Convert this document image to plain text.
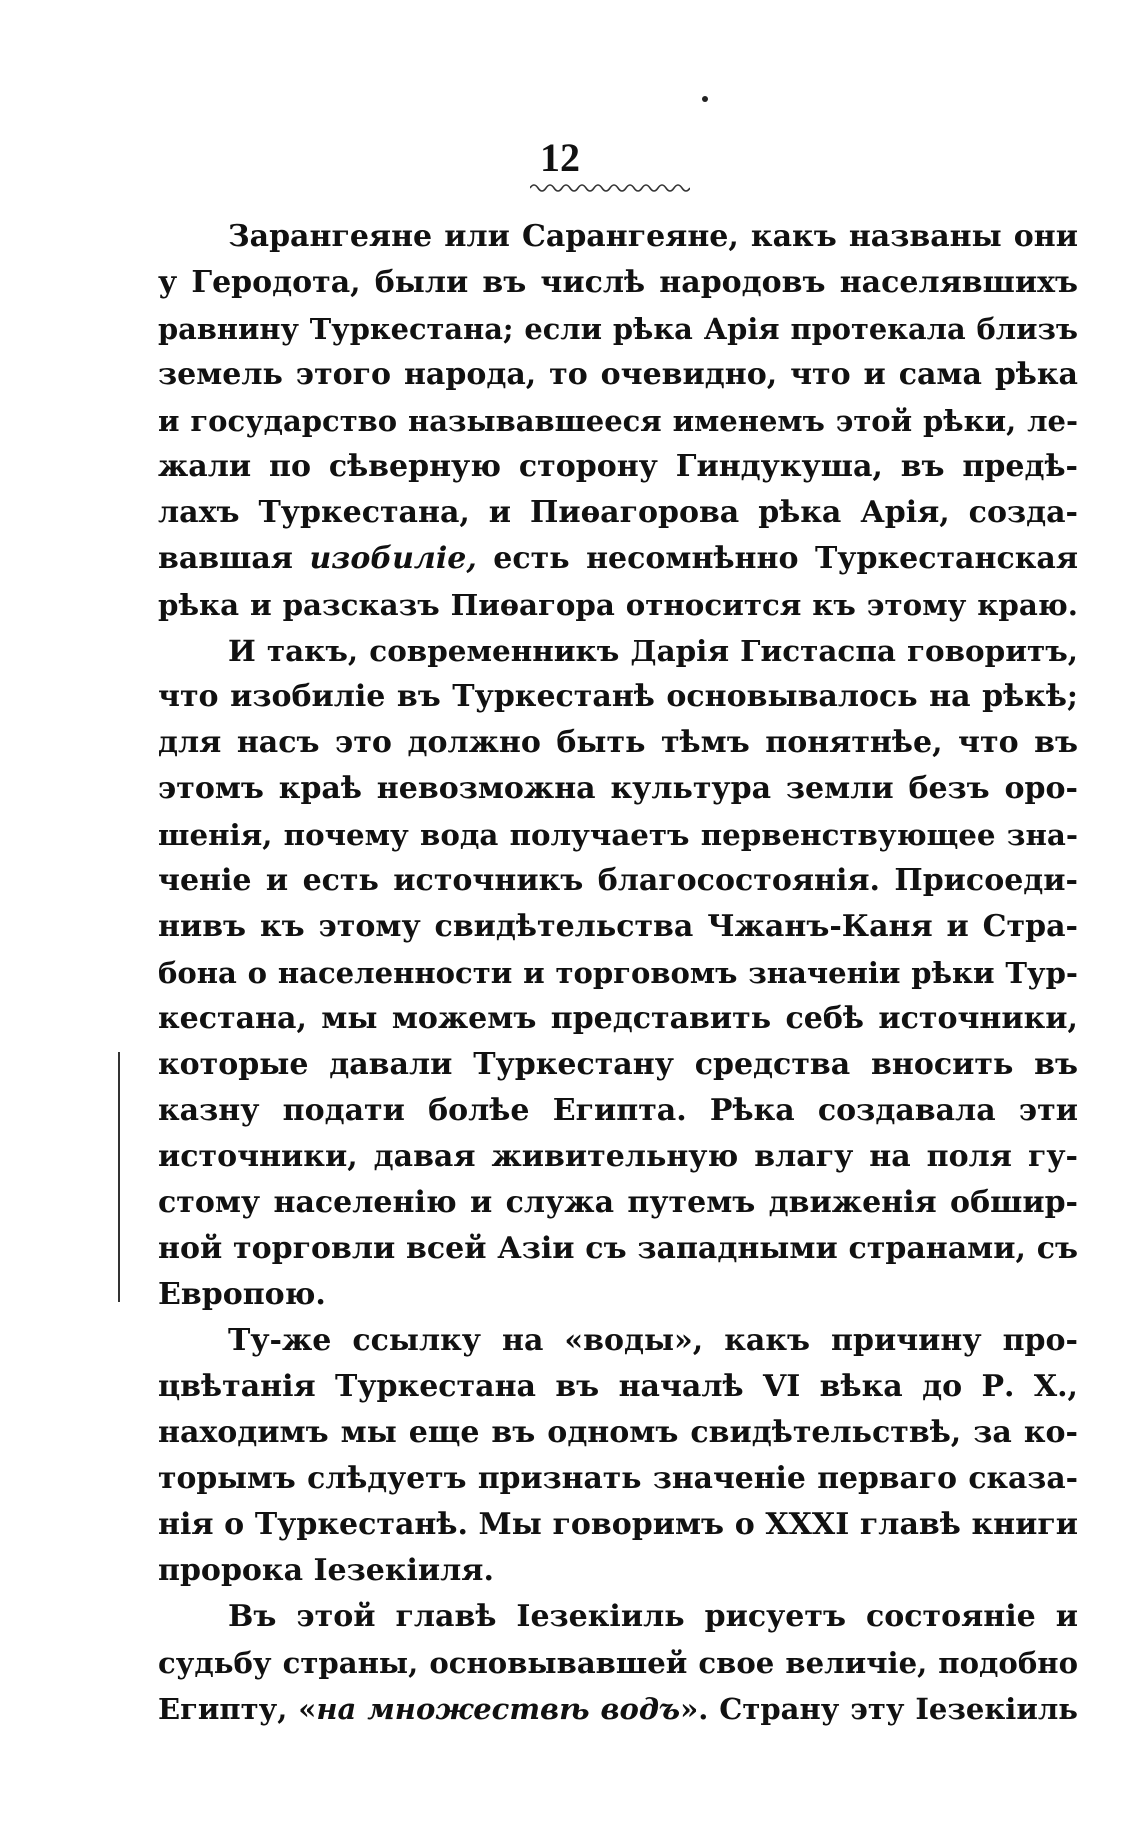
12
Зарангеяне или Сарангеяне, какъ названы они
у Геродота, были въ числѣ народовъ населявшихъ
равнину Туркестана; если рѣка Арія протекала близъ
земель этого народа, то очевидно, что и сама рѣка
и государство называвшееся именемъ этой рѣки, ле-
жали по сѣверную сторону Гиндукуша, въ предѣ-
лахъ Туркестана, и Пиѳагорова рѣка Арія, созда-
вавшая изобиліе, есть несомнѣнно Туркестанская
рѣка и разсказъ Пиѳагора относится къ этому краю.
И такъ, современникъ Дарія Гистаспа говоритъ,
что изобиліе въ Туркестанѣ основывалось на рѣкѣ;
для насъ это должно быть тѣмъ понятнѣе, что въ
этомъ краѣ невозможна культура земли безъ оро-
шенія, почему вода получаетъ первенствующее зна-
ченіе и есть источникъ благосостоянія. Присоеди-
нивъ къ этому свидѣтельства Чжанъ-Каня и Стра-
бона о населенности и торговомъ значеніи рѣки Тур-
кестана, мы можемъ представить себѣ источники,
которые давали Туркестану средства вносить въ
казну подати болѣе Египта. Рѣка создавала эти
источники, давая живительную влагу на поля гу-
стому населенію и служа путемъ движенія обшир-
ной торговли всей Азіи съ западными странами, съ
Европою.
Ту-же ссылку на «воды», какъ причину про-
цвѣтанія Туркестана въ началѣ VI вѣка до Р. Х.,
находимъ мы еще въ одномъ свидѣтельствѣ, за ко-
торымъ слѣдуетъ признать значеніе перваго сказа-
нія о Туркестанѣ. Мы говоримъ о XXXI главѣ книги
пророка Іезекіиля.
Въ этой главѣ Іезекіиль рисуетъ состояніе и
судьбу страны, основывавшей свое величіе, подобно
Египту, «на множествѣ водъ». Страну эту Іезекіиль
